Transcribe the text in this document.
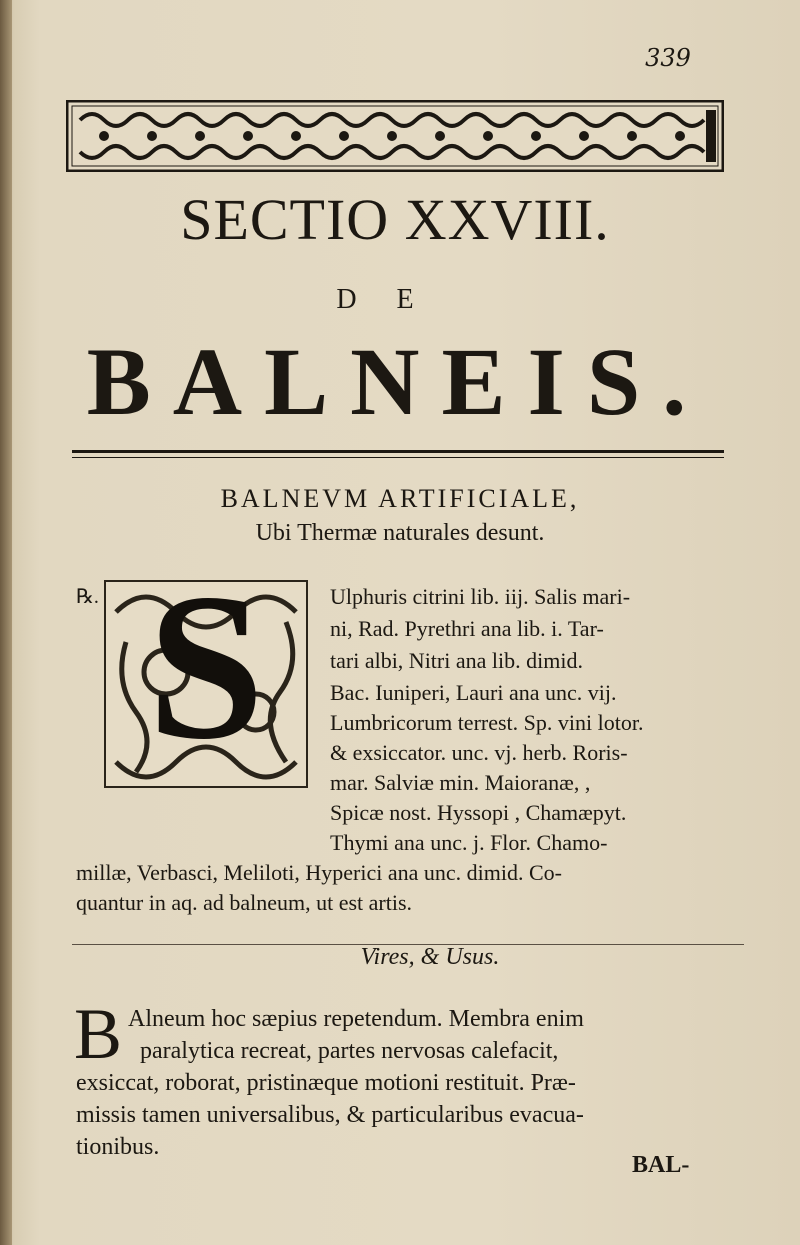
339
SECTIO XXVIII.
DE
BALNEIS.
BALNEVM ARTIFICIALE,
Ubi Thermæ naturales desunt.
℞. S	Ulphuris citrini lib. iij. Salis mari-
ni, Rad. Pyrethri ana lib. i. Tar-
tari albi, Nitri ana lib. dimid.
Bac. Iuniperi, Lauri ana unc. vij.
Lumbricorum terrest. Sp. vini lotor.
& exsiccator. unc. vj. herb. Roris-
mar. Salviæ min. Maioranæ, ,
Spicæ nost. Hyssopi , Chamæpyt.
Thymi ana unc. j. Flor. Chamo-
millæ, Verbasci, Meliloti, Hyperici ana unc. dimid. Co-
quantur in aq. ad balneum, ut est artis.
Vires, & Usus.
B Alneum hoc sæpius repetendum. Membra enim
paralytica recreat, partes nervosas calefacit,
exsiccat, roborat, pristinæque motioni restituit. Præ-
missis tamen universalibus, & particularibus evacua-
tionibus.
BAL-
